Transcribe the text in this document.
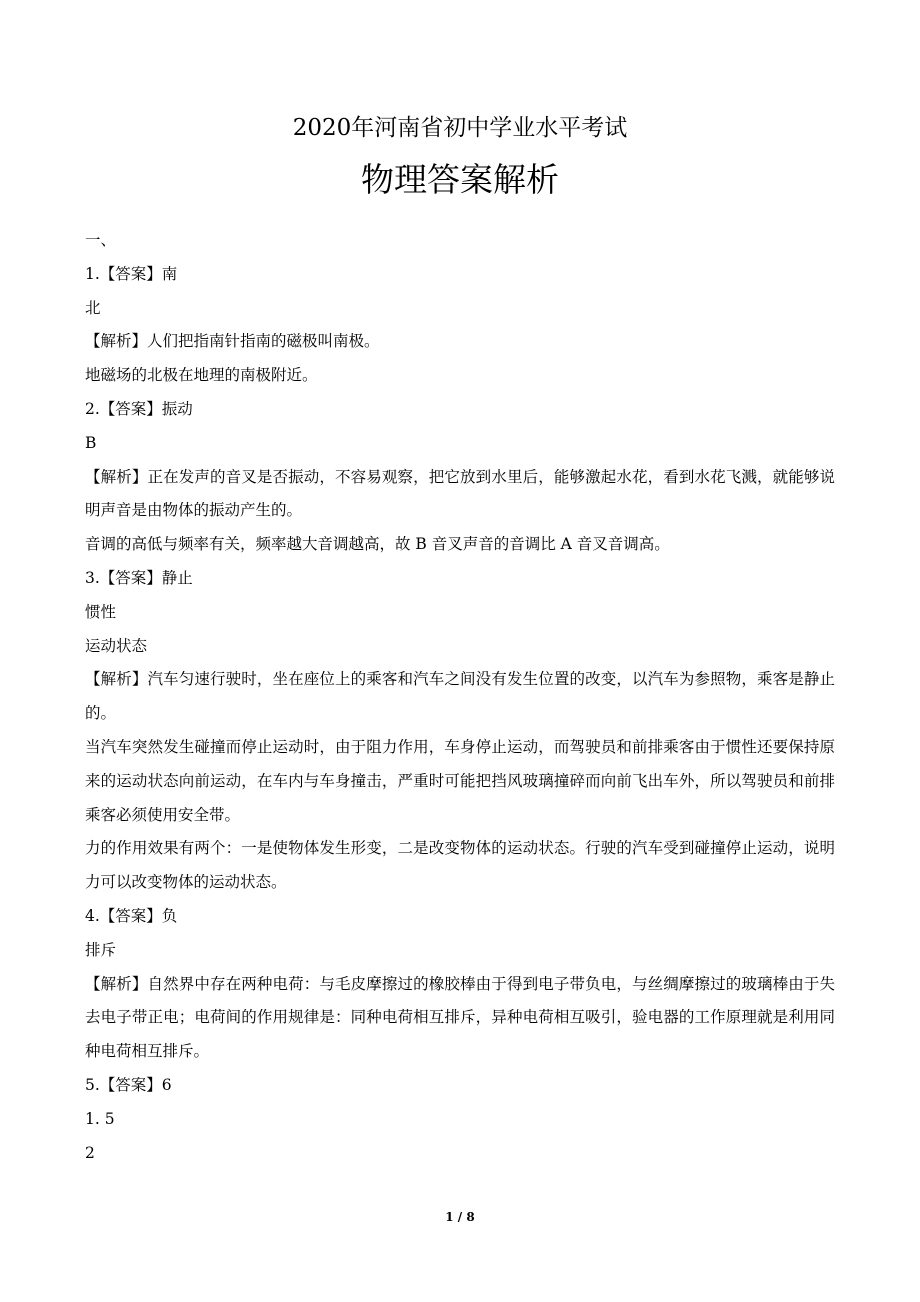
2020年河南省初中学业水平考试
物理答案解析

一、

1.【答案】南

北

【解析】人们把指南针指南的磁极叫南极。

地磁场的北极在地理的南极附近。

2.【答案】振动

B

【解析】正在发声的音叉是否振动，不容易观察，把它放到水里后，能够激起水花，看到水花飞溅，就能够说明声音是由物体的振动产生的。

音调的高低与频率有关，频率越大音调越高，故 B 音叉声音的音调比 A 音叉音调高。

3.【答案】静止

惯性

运动状态

【解析】汽车匀速行驶时，坐在座位上的乘客和汽车之间没有发生位置的改变，以汽车为参照物，乘客是静止的。

当汽车突然发生碰撞而停止运动时，由于阻力作用，车身停止运动，而驾驶员和前排乘客由于惯性还要保持原来的运动状态向前运动，在车内与车身撞击，严重时可能把挡风玻璃撞碎而向前飞出车外，所以驾驶员和前排乘客必须使用安全带。

力的作用效果有两个：一是使物体发生形变，二是改变物体的运动状态。行驶的汽车受到碰撞停止运动，说明力可以改变物体的运动状态。

4.【答案】负

排斥

【解析】自然界中存在两种电荷：与毛皮摩擦过的橡胶棒由于得到电子带负电，与丝绸摩擦过的玻璃棒由于失去电子带正电；电荷间的作用规律是：同种电荷相互排斥，异种电荷相互吸引，验电器的工作原理就是利用同种电荷相互排斥。

5.【答案】6

1. 5

2

1 / 8
